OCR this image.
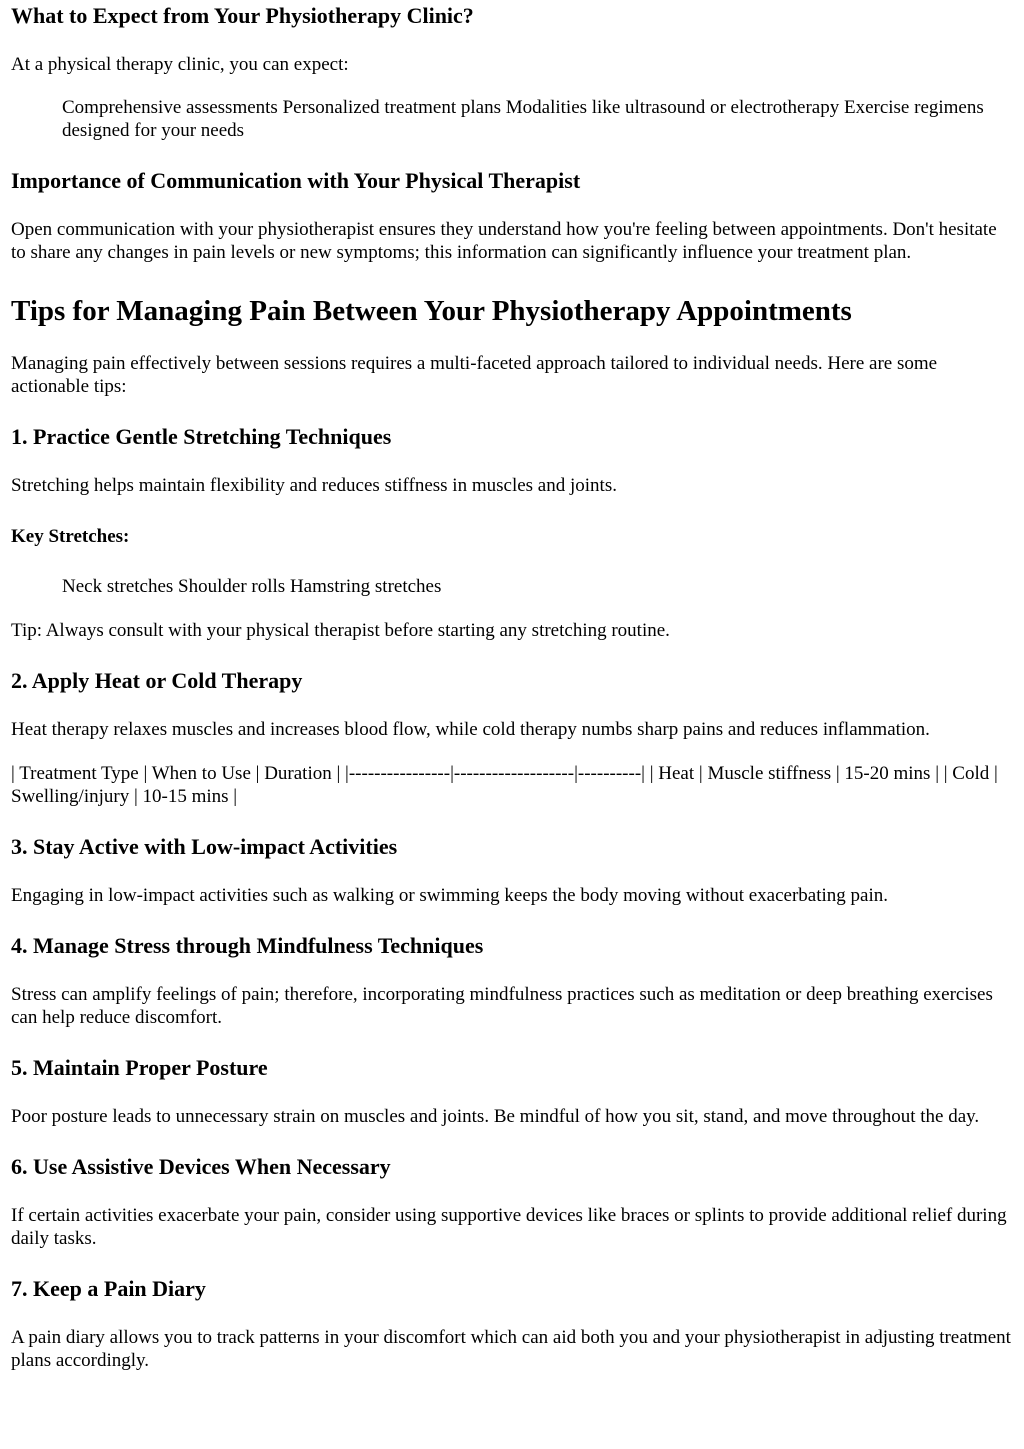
What to Expect from Your Physiotherapy Clinic?

At a physical therapy clinic, you can expect:

Comprehensive assessments Personalized treatment plans Modalities like ultrasound or electrotherapy Exercise regimens designed for your needs

Importance of Communication with Your Physical Therapist

Open communication with your physiotherapist ensures they understand how you're feeling between appointments. Don't hesitate to share any changes in pain levels or new symptoms; this information can significantly influence your treatment plan.

Tips for Managing Pain Between Your Physiotherapy Appointments

Managing pain effectively between sessions requires a multi-faceted approach tailored to individual needs. Here are some actionable tips:

1. Practice Gentle Stretching Techniques

Stretching helps maintain flexibility and reduces stiffness in muscles and joints.

Key Stretches:

Neck stretches Shoulder rolls Hamstring stretches

Tip: Always consult with your physical therapist before starting any stretching routine.

2. Apply Heat or Cold Therapy

Heat therapy relaxes muscles and increases blood flow, while cold therapy numbs sharp pains and reduces inflammation.

| Treatment Type | When to Use | Duration | |----------------|-------------------|----------| | Heat | Muscle stiffness | 15-20 mins | | Cold | Swelling/injury | 10-15 mins |

3. Stay Active with Low-impact Activities

Engaging in low-impact activities such as walking or swimming keeps the body moving without exacerbating pain.

4. Manage Stress through Mindfulness Techniques

Stress can amplify feelings of pain; therefore, incorporating mindfulness practices such as meditation or deep breathing exercises can help reduce discomfort.

5. Maintain Proper Posture

Poor posture leads to unnecessary strain on muscles and joints. Be mindful of how you sit, stand, and move throughout the day.

6. Use Assistive Devices When Necessary

If certain activities exacerbate your pain, consider using supportive devices like braces or splints to provide additional relief during daily tasks.

7. Keep a Pain Diary

A pain diary allows you to track patterns in your discomfort which can aid both you and your physiotherapist in adjusting treatment plans accordingly.
